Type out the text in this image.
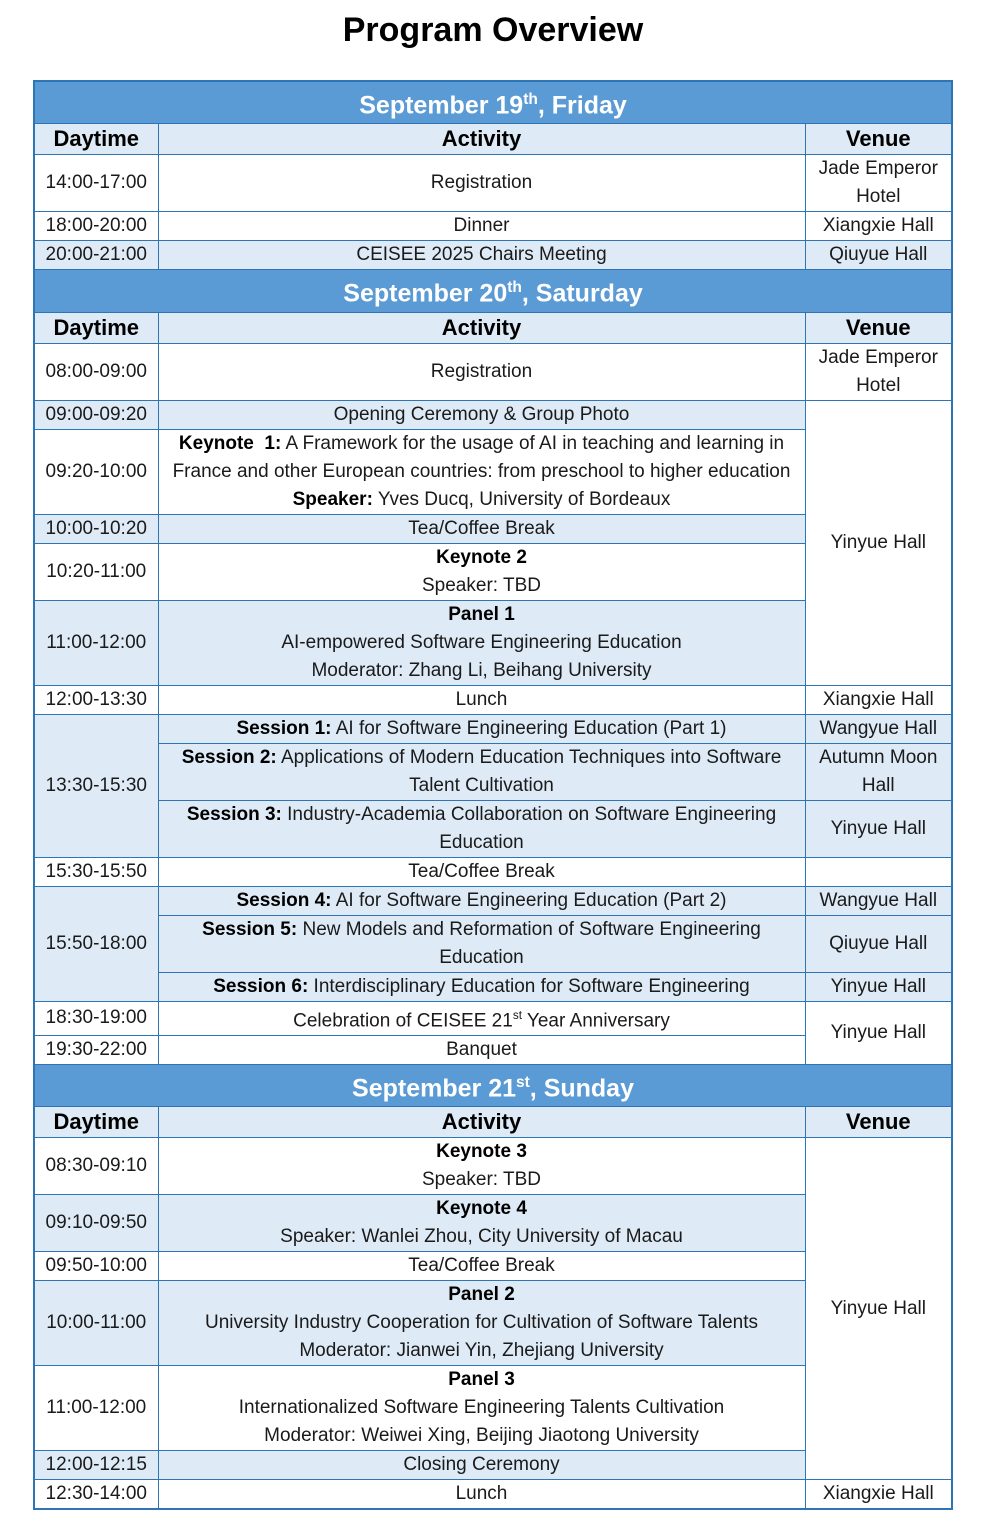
Program Overview
September 19th, Friday		
Daytime	Activity	Venue
14:00-17:00	Registration	Jade Emperor Hotel
18:00-20:00	Dinner	Xiangxie Hall
20:00-21:00	CEISEE 2025 Chairs Meeting	Qiuyue Hall
September 20th, Saturday		
Daytime	Activity	Venue
08:00-09:00	Registration	Jade Emperor Hotel
09:00-09:20	Opening Ceremony & Group Photo	Yinyue Hall
09:20-10:00	Keynote  1: A Framework for the usage of AI in teaching and learning in France and other European countries: from preschool to higher education

Speaker: Yves Ducq, University of Bordeaux	

10:00-10:20	Tea/Coffee Break	

10:20-11:00	Keynote 2

Speaker: TBD	

11:00-12:00	Panel 1

AI-empowered Software Engineering Education

Moderator: Zhang Li, Beihang University	

12:00-13:30	Lunch	Xiangxie Hall
13:30-15:30	Session 1: AI for Software Engineering Education (Part 1)	Wangyue Hall

	Session 2: Applications of Modern Education Techniques into Software Talent Cultivation	Autumn Moon Hall

	Session 3: Industry-Academia Collaboration on Software Engineering Education	Yinyue Hall
15:30-15:50	Tea/Coffee Break	

15:50-18:00	Session 4: AI for Software Engineering Education (Part 2)	Wangyue Hall

	Session 5: New Models and Reformation of Software Engineering Education	Qiuyue Hall

	Session 6: Interdisciplinary Education for Software Engineering	Yinyue Hall
18:30-19:00	Celebration of CEISEE 21st Year Anniversary	Yinyue Hall
19:30-22:00	Banquet	

September 21st, Sunday		
Daytime	Activity	Venue
08:30-09:10	Keynote 3

Speaker: TBD	Yinyue Hall
09:10-09:50	Keynote 4

Speaker: Wanlei Zhou, City University of Macau	

09:50-10:00	Tea/Coffee Break	

10:00-11:00	Panel 2

University Industry Cooperation for Cultivation of Software Talents

Moderator: Jianwei Yin, Zhejiang University	

11:00-12:00	Panel 3

Internationalized Software Engineering Talents Cultivation

Moderator: Weiwei Xing, Beijing Jiaotong University	

12:00-12:15	Closing Ceremony	

12:30-14:00	Lunch	Xiangxie Hall
